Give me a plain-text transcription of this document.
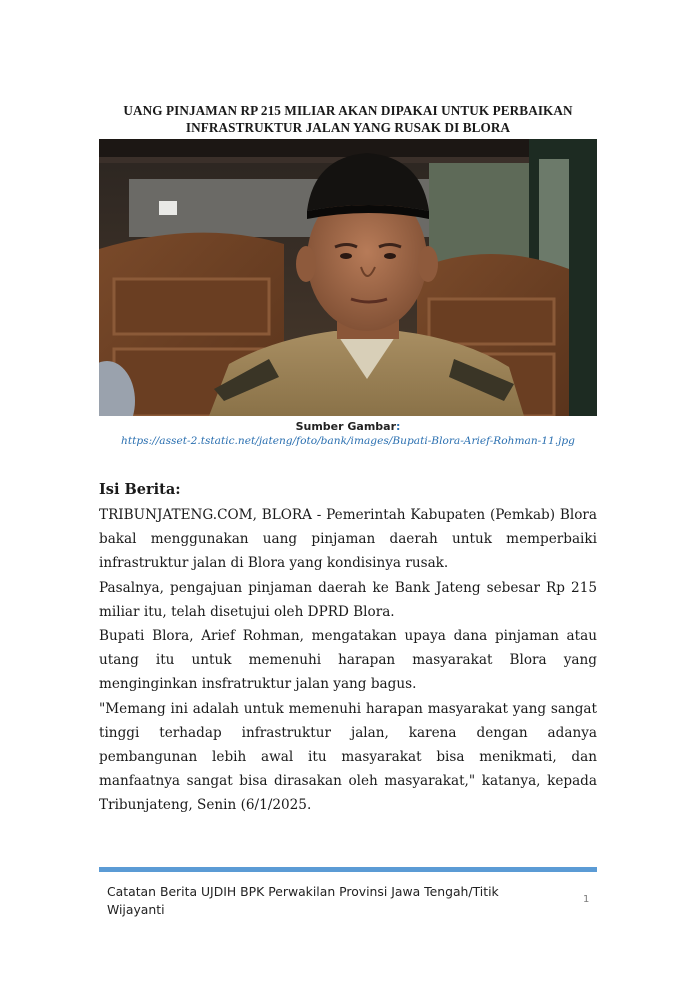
UANG PINJAMAN RP 215 MILIAR AKAN DIPAKAI UNTUK PERBAIKAN INFRASTRUKTUR JALAN YANG RUSAK DI BLORA
Sumber Gambar:
https://asset-2.tstatic.net/jateng/foto/bank/images/Bupati-Blora-Arief-Rohman-11.jpg
Isi Berita:

TRIBUNJATENG.COM, BLORA - Pemerintah Kabupaten (Pemkab) Blora bakal menggunakan uang pinjaman daerah untuk memperbaiki infrastruktur jalan di Blora yang kondisinya rusak.

Pasalnya, pengajuan pinjaman daerah ke Bank Jateng sebesar Rp 215 miliar itu, telah disetujui oleh DPRD Blora.

Bupati Blora, Arief Rohman, mengatakan upaya dana pinjaman atau utang itu untuk memenuhi harapan masyarakat Blora yang menginginkan insfratruktur jalan yang bagus.

"Memang ini adalah untuk memenuhi harapan masyarakat yang sangat tinggi terhadap infrastruktur jalan, karena dengan adanya pembangunan lebih awal itu masyarakat bisa menikmati, dan manfaatnya sangat bisa dirasakan oleh masyarakat," katanya, kepada Tribunjateng, Senin (6/1/2025.

Catatan Berita UJDIH BPK Perwakilan Provinsi Jawa Tengah/Titik Wijayanti
1
